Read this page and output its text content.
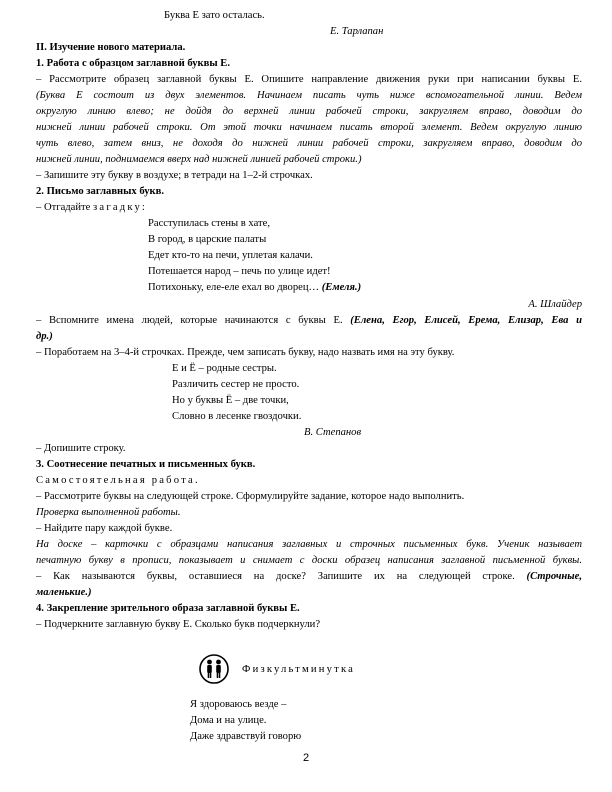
Буква Е зато осталась.
Е. Тарлапан
II. Изучение нового материала.
1. Работа с образцом заглавной буквы Е.
– Рассмотрите образец заглавной буквы Е. Опишите направление движения руки при написании буквы Е.
(Буква Е состоит из двух элементов. Начинаем писать чуть ниже вспомогательной линии. Ведем
округлую линию влево; не дойдя до верхней линии рабочей строки, закругляем вправо, доводим до
нижней линии рабочей строки. От этой точки начинаем писать второй элемент. Ведем округлую линию
чуть влево, затем вниз, не доходя до нижней линии рабочей строки, закругляем вправо, доводим до
нижней линии, поднимаемся вверх над нижней линией рабочей строки.)
– Запишите эту букву в воздухе; в тетради на 1–2-й строчках.
2. Письмо заглавных букв.
– Отгадайте загадку:
Расступилась стены в хате,
В город, в царские палаты
Едет кто-то на печи, уплетая калачи.
Потешается народ – печь по улице идет!
Потихоньку, еле-еле ехал во дворец… (Емеля.)
А. Шлайдер
– Вспомните имена людей, которые начинаются с буквы Е. (Елена, Егор, Елисей, Ерема, Елизар, Ева и
др.)
– Поработаем на 3–4-й строчках. Прежде, чем записать букву, надо назвать имя на эту букву.
Е и Ё – родные сестры.
Различить сестер не просто.
Но у буквы Ё – две точки,
Словно в лесенке гвоздочки.
В. Степанов
– Допишите строку.
3. Соотнесение печатных и письменных букв.
Самостоятельная работа.
– Рассмотрите буквы на следующей строке. Сформулируйте задание, которое надо выполнить.
Проверка выполненной работы.
– Найдите пару каждой букве.
На доске – карточки с образцами написания заглавных и строчных письменных букв. Ученик называет
печатную букву в прописи, показывает и снимает с доски образец написания заглавной письменной буквы.
– Как называются буквы, оставшиеся на доске? Запишите их на следующей строке. (Строчные,
маленькие.)
4. Закрепление зрительного образа заглавной буквы Е.
– Подчеркните заглавную букву Е. Сколько букв подчеркнули?
Физкультминутка
Я здороваюсь везде –
Дома и на улице.
Даже здравствуй говорю
2
